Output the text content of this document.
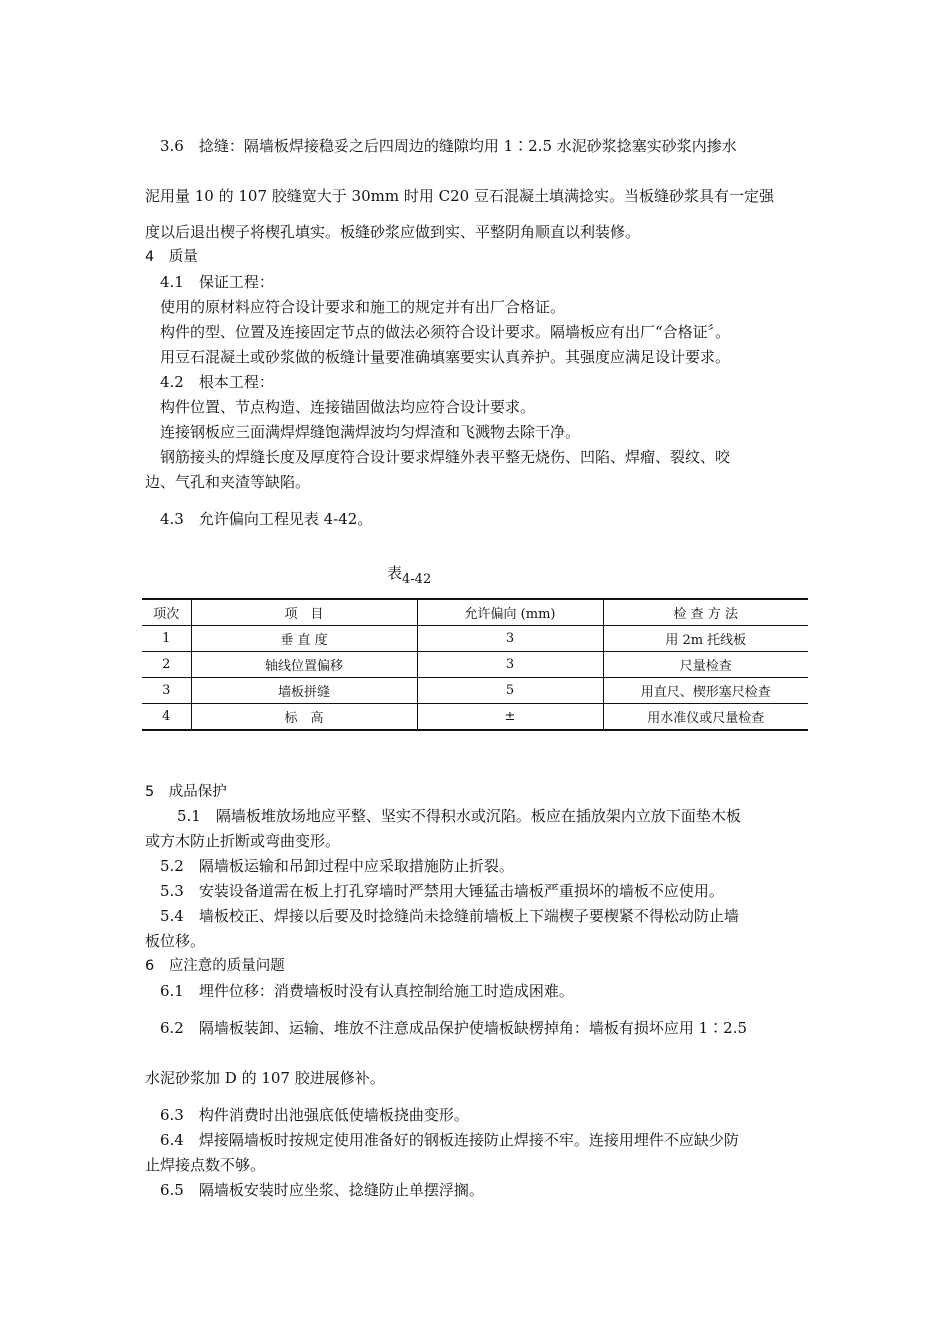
3.6　捻缝：隔墙板焊接稳妥之后四周边的缝隙均用 1∶2.5 水泥砂浆捻塞实砂浆内掺水
泥用量 10 的 107 胶缝宽大于 30mm 时用 C20 豆石混凝土填满捻实。当板缝砂浆具有一定强
度以后退出楔子将楔孔填实。板缝砂浆应做到实、平整阴角顺直以利装修。
4　质量
4.1　保证工程：
使用的原材料应符合设计要求和施工的规定并有出厂合格证。
构件的型、位置及连接固定节点的做法必须符合设计要求。隔墙板应有出厂“合格证〞。
用豆石混凝土或砂浆做的板缝计量要准确填塞要实认真养护。其强度应满足设计要求。
4.2　根本工程：
构件位置、节点构造、连接锚固做法均应符合设计要求。
连接钢板应三面满焊焊缝饱满焊波均匀焊渣和飞溅物去除干净。
钢筋接头的焊缝长度及厚度符合设计要求焊缝外表平整无烧伤、凹陷、焊瘤、裂纹、咬
边、气孔和夹渣等缺陷。
4.3　允许偏向工程见表 4-42。
表4-42
项次	项　目	允许偏向 (mm)	检 查 方 法
1	垂 直 度	3	用 2m 托线板
2	轴线位置偏移	3	尺量检查
3	墙板拼缝	5	用直尺、楔形塞尺检查
4	标　高	±	用水准仪或尺量检查
5　成品保护
5.1　隔墙板堆放场地应平整、坚实不得积水或沉陷。板应在插放架内立放下面垫木板
或方木防止折断或弯曲变形。
5.2　隔墙板运输和吊卸过程中应采取措施防止折裂。
5.3　安装设备道需在板上打孔穿墙时严禁用大锤猛击墙板严重损坏的墙板不应使用。
5.4　墙板校正、焊接以后要及时捻缝尚未捻缝前墙板上下端楔子要楔紧不得松动防止墙
板位移。
6　应注意的质量问题
6.1　埋件位移：消费墙板时没有认真控制给施工时造成困难。
6.2　隔墙板装卸、运输、堆放不注意成品保护使墙板缺楞掉角：墙板有损坏应用 1∶2.5
水泥砂浆加 D 的 107 胶进展修补。
6.3　构件消费时出池强底低使墙板挠曲变形。
6.4　焊接隔墙板时按规定使用准备好的钢板连接防止焊接不牢。连接用埋件不应缺少防
止焊接点数不够。
6.5　隔墙板安装时应坐浆、捻缝防止单摆浮搁。
